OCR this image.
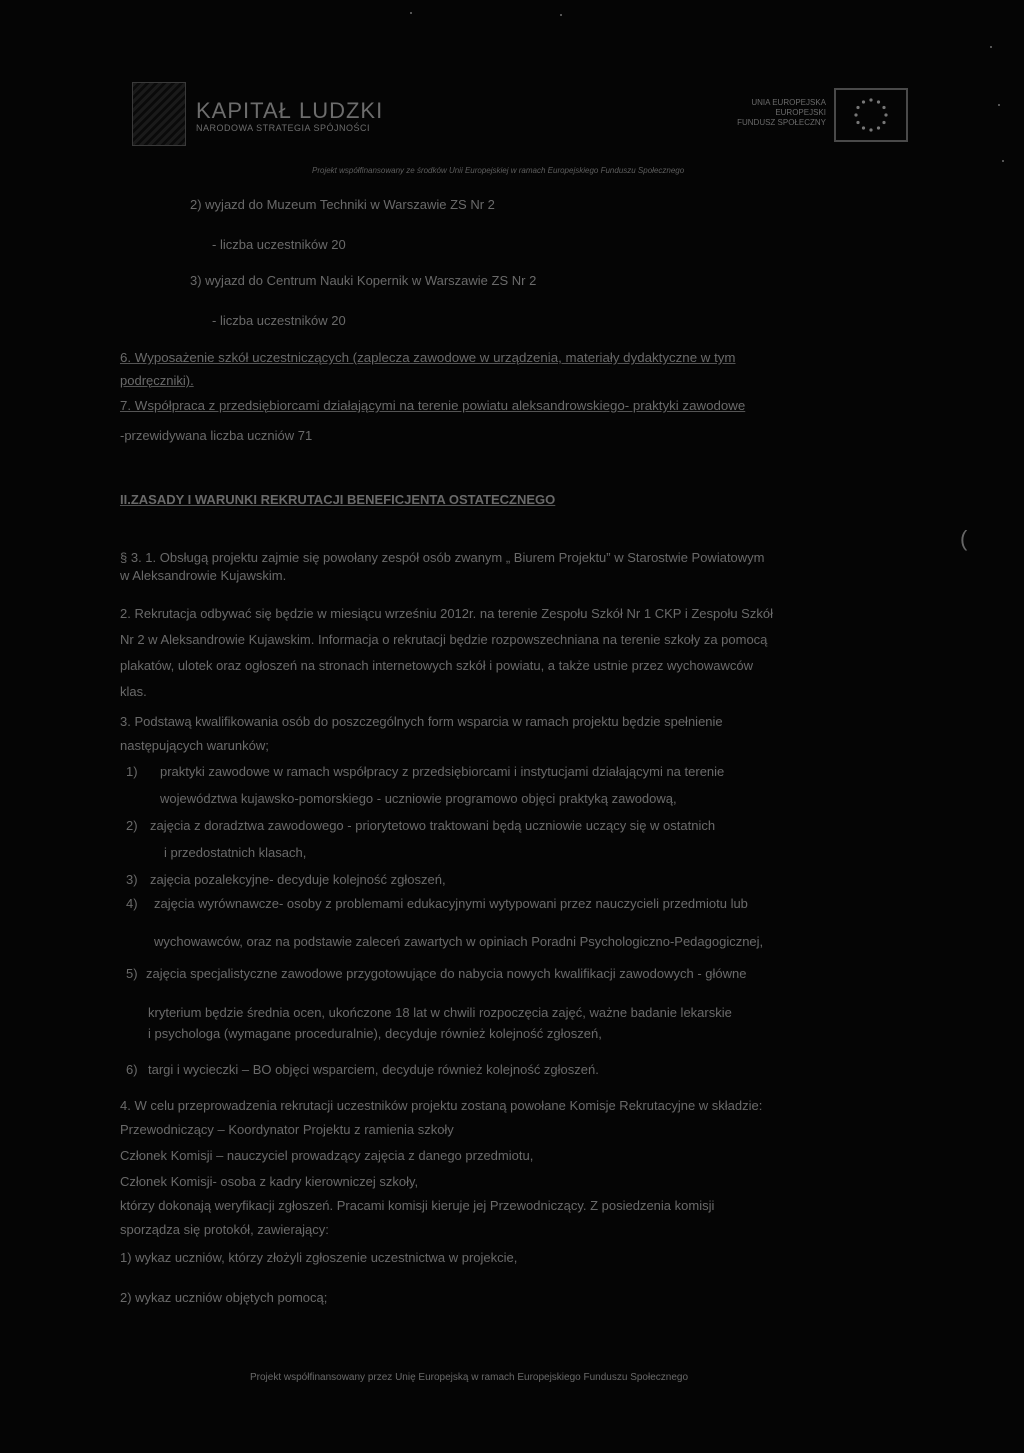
KAPITAŁ LUDZKI
NARODOWA STRATEGIA SPÓJNOŚCI
UNIA EUROPEJSKA
EUROPEJSKI
FUNDUSZ SPOŁECZNY
Projekt współfinansowany ze środków Unii Europejskiej w ramach Europejskiego Funduszu Społecznego
2) wyjazd do Muzeum Techniki w Warszawie ZS Nr 2
- liczba uczestników 20
3) wyjazd do Centrum Nauki Kopernik w Warszawie ZS Nr 2
- liczba uczestników 20
6. Wyposażenie szkół uczestniczących (zaplecza zawodowe w urządzenia, materiały dydaktyczne w tym
podręczniki).
7. Współpraca z przedsiębiorcami działającymi na terenie powiatu aleksandrowskiego- praktyki zawodowe
-przewidywana liczba uczniów 71
II.ZASADY I WARUNKI REKRUTACJI BENEFICJENTA OSTATECZNEGO
§ 3. 1. Obsługą projektu zajmie się powołany zespół osób zwanym „ Biurem Projektu” w Starostwie Powiatowym
w Aleksandrowie Kujawskim.
2. Rekrutacja odbywać się będzie w miesiącu wrześniu 2012r. na terenie Zespołu Szkół Nr 1 CKP i Zespołu Szkół
Nr 2 w Aleksandrowie Kujawskim. Informacja o rekrutacji będzie rozpowszechniana na terenie szkoły za pomocą
plakatów, ulotek oraz ogłoszeń na stronach internetowych szkół i powiatu, a także ustnie przez wychowawców
klas.
3. Podstawą kwalifikowania osób do poszczególnych form wsparcia w ramach projektu będzie spełnienie
następujących warunków;
1) praktyki zawodowe w ramach współpracy z przedsiębiorcami i instytucjami działającymi na terenie
województwa kujawsko-pomorskiego - uczniowie programowo objęci praktyką zawodową,
2) zajęcia z doradztwa zawodowego - priorytetowo traktowani będą uczniowie uczący się w ostatnich
i przedostatnich klasach,
3) zajęcia pozalekcyjne- decyduje kolejność zgłoszeń,
4) zajęcia wyrównawcze- osoby z problemami edukacyjnymi wytypowani przez nauczycieli przedmiotu lub
wychowawców, oraz na podstawie zaleceń zawartych w opiniach Poradni Psychologiczno-Pedagogicznej,
5) zajęcia specjalistyczne zawodowe przygotowujące do nabycia nowych kwalifikacji zawodowych - główne
kryterium będzie średnia ocen, ukończone 18 lat w chwili rozpoczęcia zajęć, ważne badanie lekarskie
i psychologa (wymagane proceduralnie), decyduje również kolejność zgłoszeń,
6) targi i wycieczki – BO objęci wsparciem, decyduje również kolejność zgłoszeń.
4. W celu przeprowadzenia rekrutacji uczestników projektu zostaną powołane Komisje Rekrutacyjne w składzie:
Przewodniczący – Koordynator Projektu z ramienia szkoły
Członek Komisji – nauczyciel prowadzący zajęcia z danego przedmiotu,
Członek Komisji- osoba z kadry kierowniczej szkoły,
którzy dokonają weryfikacji zgłoszeń. Pracami komisji kieruje jej Przewodniczący. Z posiedzenia komisji
sporządza się protokół, zawierający:
1) wykaz uczniów, którzy złożyli zgłoszenie uczestnictwa w projekcie,
2) wykaz uczniów objętych pomocą;
Projekt współfinansowany przez Unię Europejską w ramach Europejskiego Funduszu Społecznego
(
